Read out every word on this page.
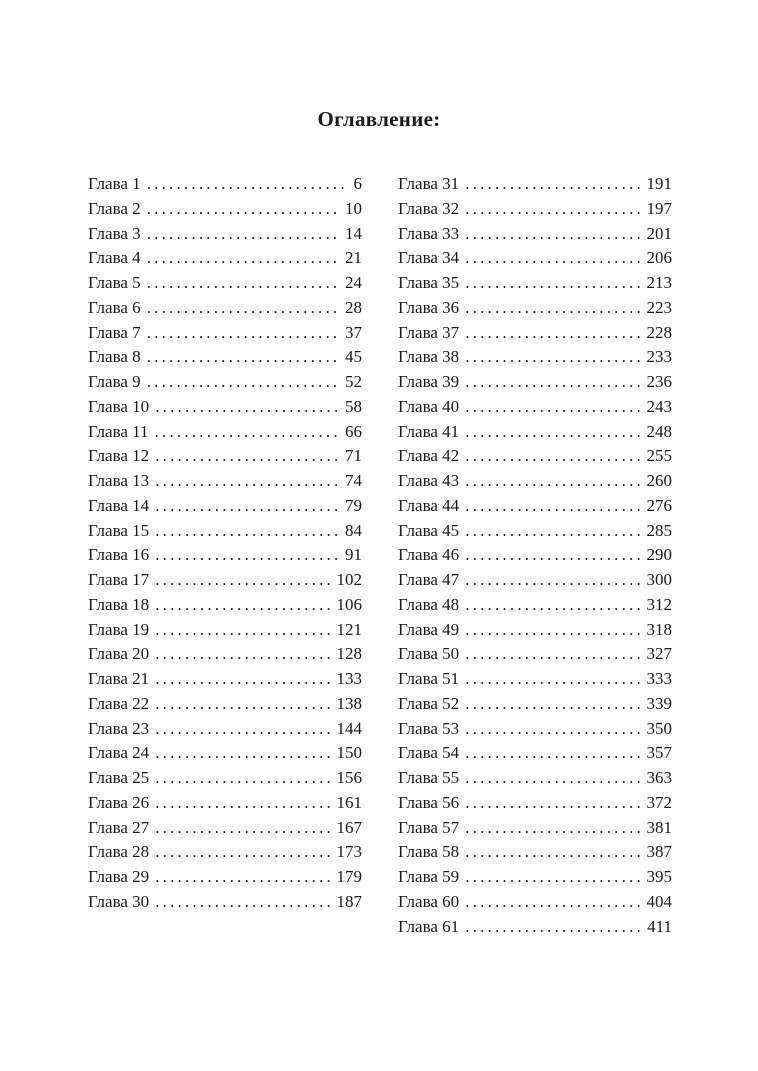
Оглавление:
Глава 1 .....	6
Глава 2 .....	10
Глава 3 .....	14
Глава 4 .....	21
Глава 5 .....	24
Глава 6 .....	28
Глава 7 .....	37
Глава 8 .....	45
Глава 9 .....	52
Глава 10 .....	58
Глава 11 .....	66
Глава 12 .....	71
Глава 13 .....	74
Глава 14 .....	79
Глава 15 .....	84
Глава 16 .....	91
Глава 17 .....	102
Глава 18 .....	106
Глава 19 .....	121
Глава 20 .....	128
Глава 21 .....	133
Глава 22 .....	138
Глава 23 .....	144
Глава 24 .....	150
Глава 25 .....	156
Глава 26 .....	161
Глава 27 .....	167
Глава 28 .....	173
Глава 29 .....	179
Глава 30 .....	187
Глава 31 .....	191
Глава 32 .....	197
Глава 33 .....	201
Глава 34 .....	206
Глава 35 .....	213
Глава 36 .....	223
Глава 37 .....	228
Глава 38 .....	233
Глава 39 .....	236
Глава 40 .....	243
Глава 41 .....	248
Глава 42 .....	255
Глава 43 .....	260
Глава 44 .....	276
Глава 45 .....	285
Глава 46 .....	290
Глава 47 .....	300
Глава 48 .....	312
Глава 49 .....	318
Глава 50 .....	327
Глава 51 .....	333
Глава 52 .....	339
Глава 53 .....	350
Глава 54 .....	357
Глава 55 .....	363
Глава 56 .....	372
Глава 57 .....	381
Глава 58 .....	387
Глава 59 .....	395
Глава 60 .....	404
Глава 61 .....	411
